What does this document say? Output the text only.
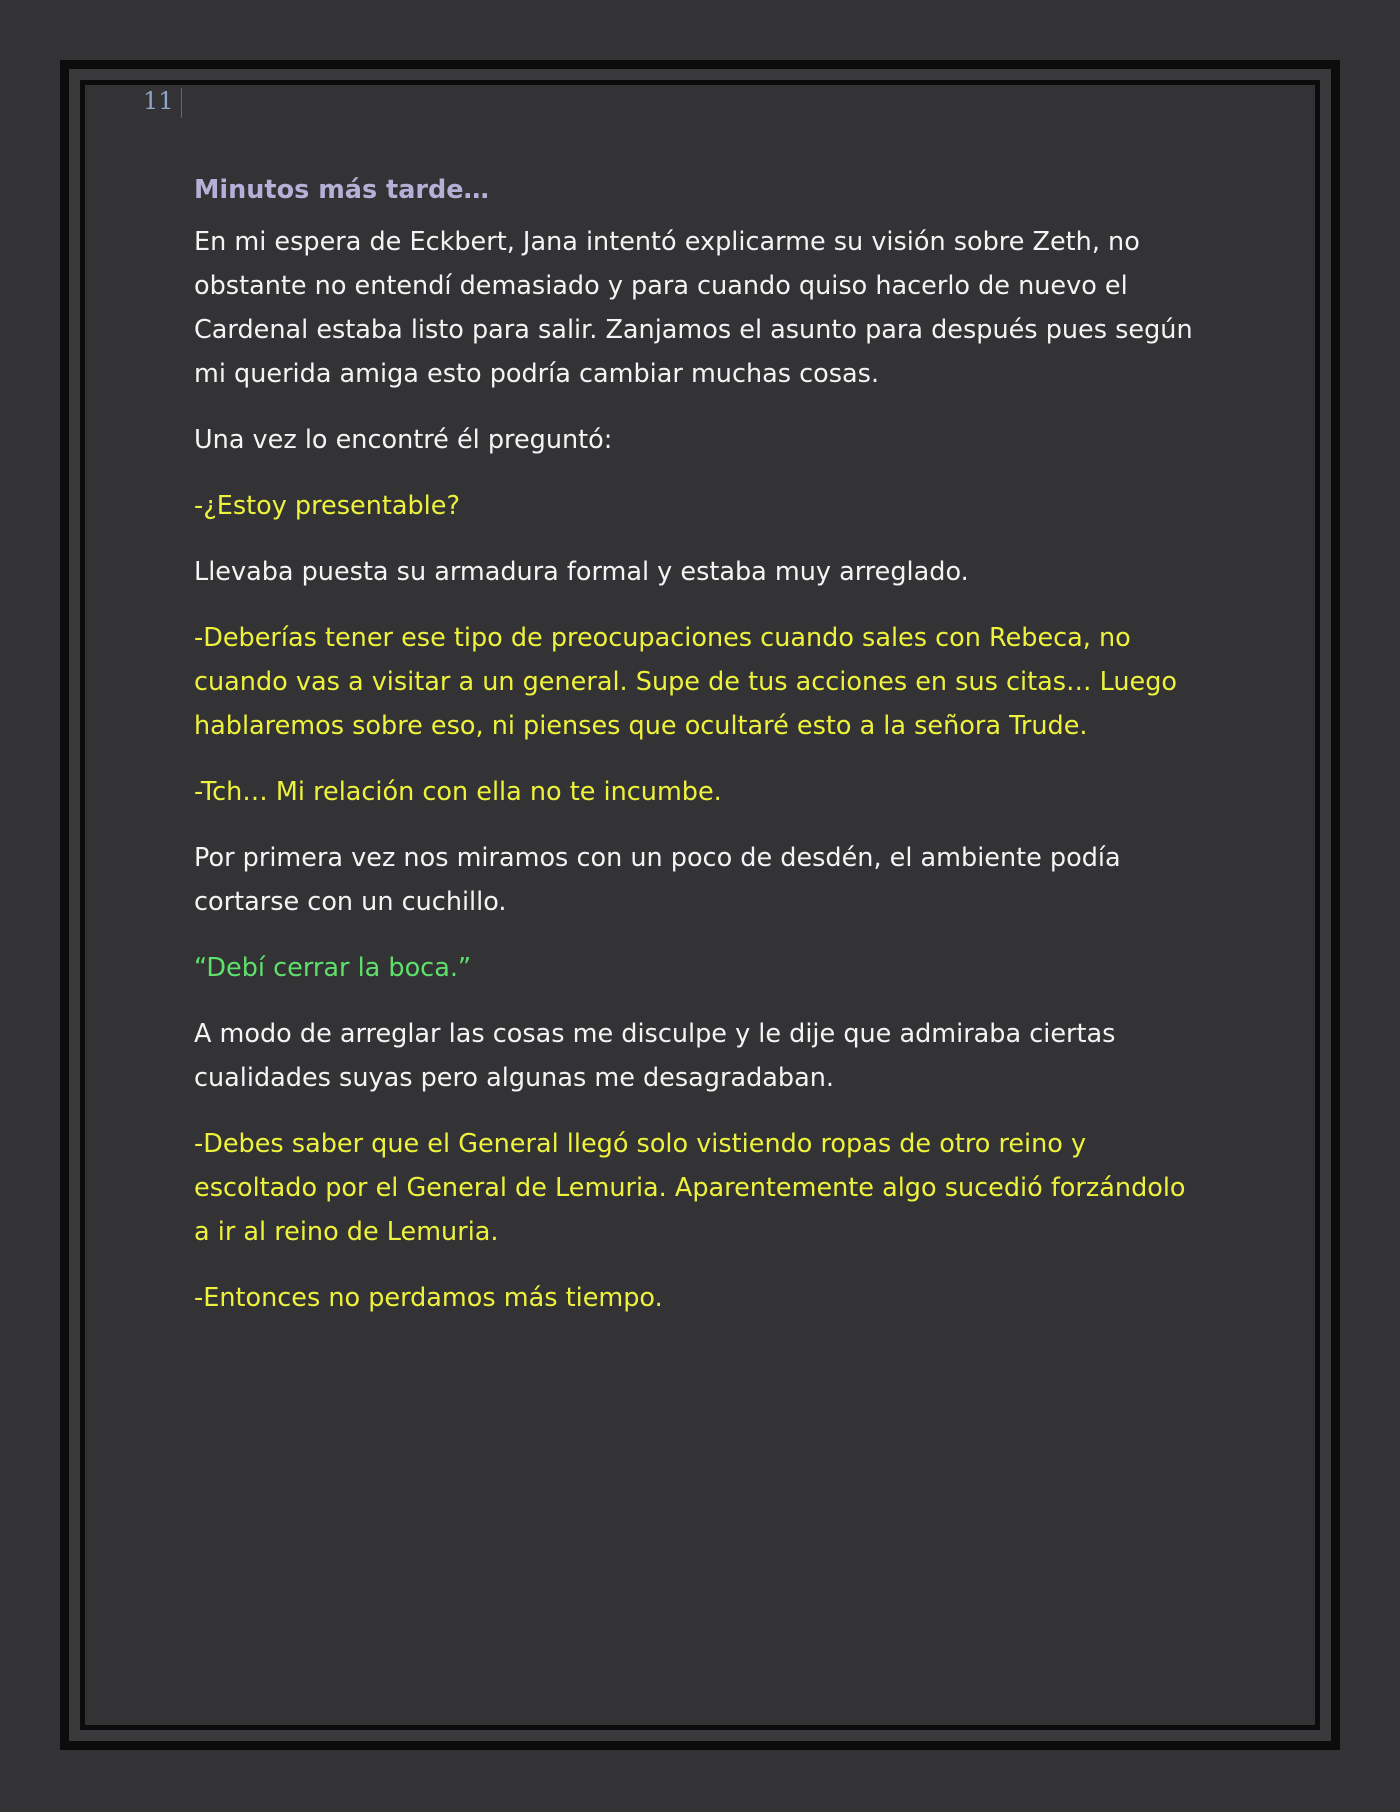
11

Minutos más tarde…

En mi espera de Eckbert, Jana intentó explicarme su visión sobre Zeth, no obstante no entendí demasiado y para cuando quiso hacerlo de nuevo el Cardenal estaba listo para salir. Zanjamos el asunto para después pues según mi querida amiga esto podría cambiar muchas cosas.

Una vez lo encontré él preguntó:

-¿Estoy presentable?

Llevaba puesta su armadura formal y estaba muy arreglado.

-Deberías tener ese tipo de preocupaciones cuando sales con Rebeca, no cuando vas a visitar a un general. Supe de tus acciones en sus citas… Luego hablaremos sobre eso, ni pienses que ocultaré esto a la señora Trude.

-Tch… Mi relación con ella no te incumbe.

Por primera vez nos miramos con un poco de desdén, el ambiente podía cortarse con un cuchillo.

“Debí cerrar la boca.”

A modo de arreglar las cosas me disculpe y le dije que admiraba ciertas cualidades suyas pero algunas me desagradaban.

-Debes saber que el General llegó solo vistiendo ropas de otro reino y escoltado por el General de Lemuria. Aparentemente algo sucedió forzándolo a ir al reino de Lemuria.

-Entonces no perdamos más tiempo.
